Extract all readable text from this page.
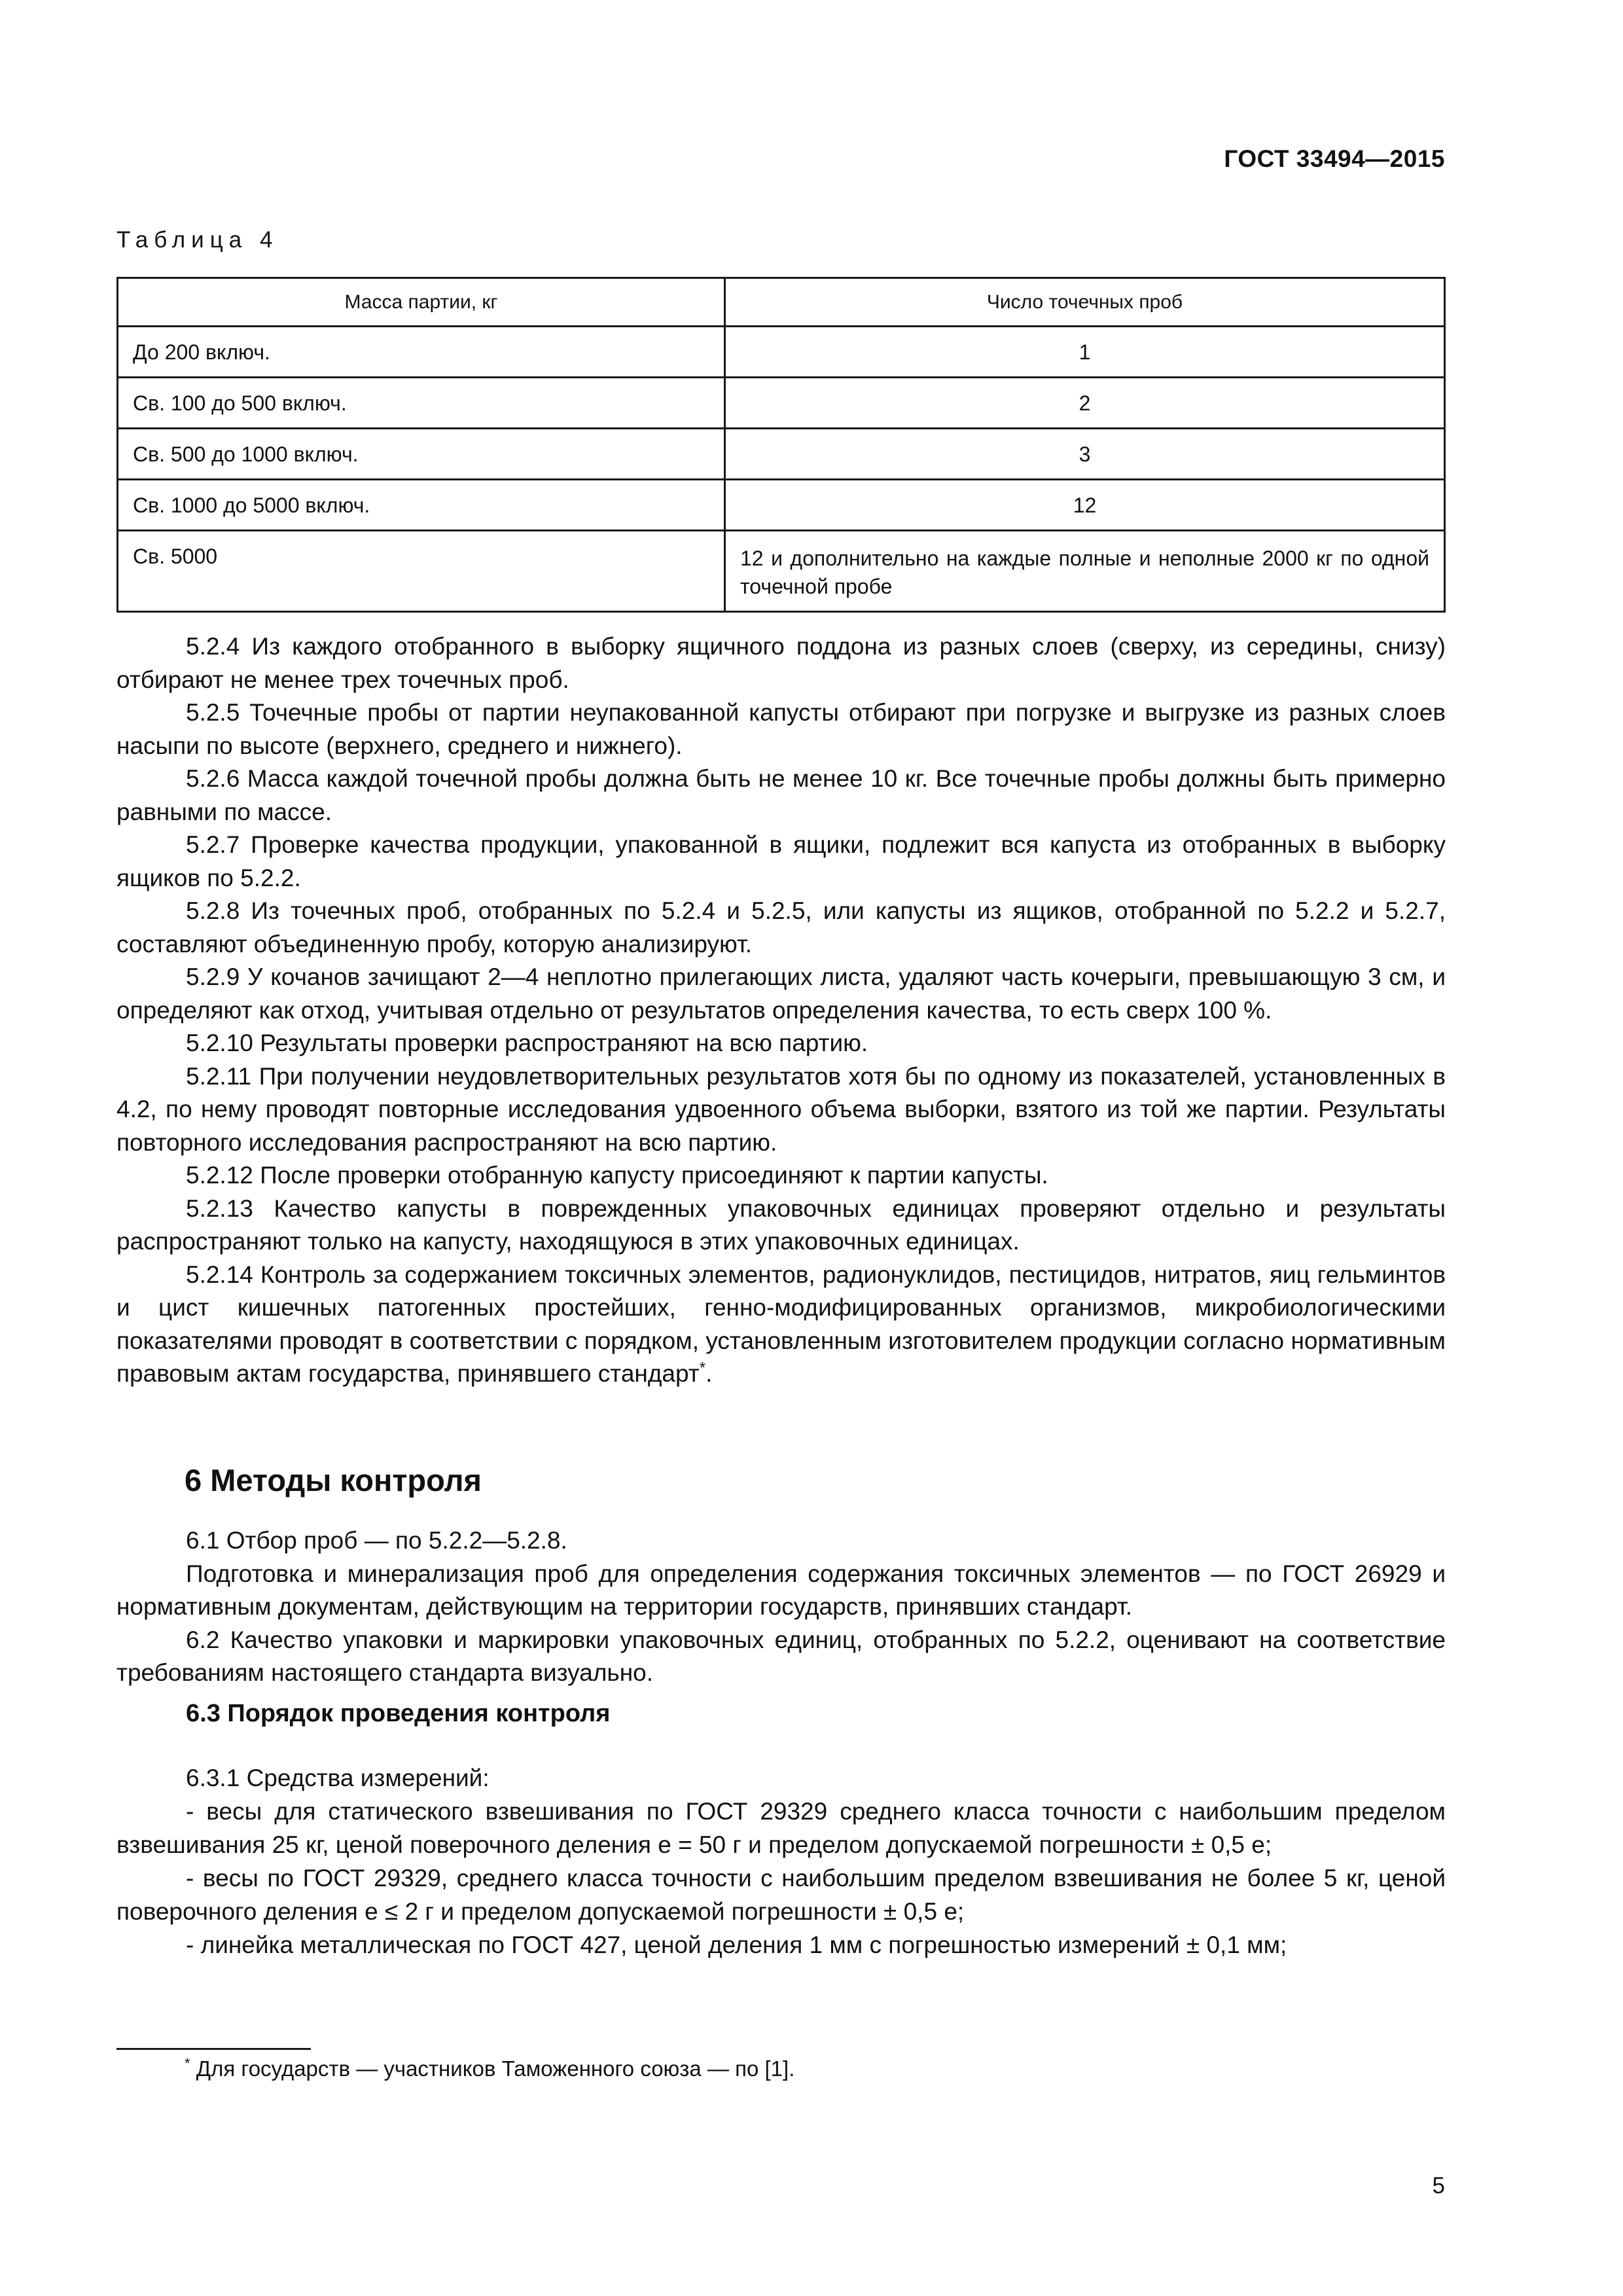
ГОСТ 33494—2015
Таблица 4
Масса партии, кг	Число точечных проб
До 200 включ.	1
Св. 100 до 500 включ.	2
Св. 500 до 1000 включ.	3
Св. 1000 до 5000 включ.	12
Св. 5000	12 и дополнительно на каждые полные и неполные 2000 кг по одной точечной пробе

5.2.4 Из каждого отобранного в выборку ящичного поддона из разных слоев (сверху, из середины, снизу) отбирают не менее трех точечных проб.

5.2.5 Точечные пробы от партии неупакованной капусты отбирают при погрузке и выгрузке из разных слоев насыпи по высоте (верхнего, среднего и нижнего).

5.2.6 Масса каждой точечной пробы должна быть не менее 10 кг. Все точечные пробы должны быть примерно равными по массе.

5.2.7 Проверке качества продукции, упакованной в ящики, подлежит вся капуста из отобранных в выборку ящиков по 5.2.2.

5.2.8 Из точечных проб, отобранных по 5.2.4 и 5.2.5, или капусты из ящиков, отобранной по 5.2.2 и 5.2.7, составляют объединенную пробу, которую анализируют.

5.2.9 У кочанов зачищают 2—4 неплотно прилегающих листа, удаляют часть кочерыги, превышающую 3 см, и определяют как отход, учитывая отдельно от результатов определения качества, то есть сверх 100 %.

5.2.10 Результаты проверки распространяют на всю партию.

5.2.11 При получении неудовлетворительных результатов хотя бы по одному из показателей, установленных в 4.2, по нему проводят повторные исследования удвоенного объема выборки, взятого из той же партии. Результаты повторного исследования распространяют на всю партию.

5.2.12 После проверки отобранную капусту присоединяют к партии капусты.

5.2.13 Качество капусты в поврежденных упаковочных единицах проверяют отдельно и результаты распространяют только на капусту, находящуюся в этих упаковочных единицах.

5.2.14 Контроль за содержанием токсичных элементов, радионуклидов, пестицидов, нитратов, яиц гельминтов и цист кишечных патогенных простейших, генно-модифицированных организмов, микробиологическими показателями проводят в соответствии с порядком, установленным изготовителем продукции согласно нормативным правовым актам государства, принявшего стандарт*.

6 Методы контроля

6.1 Отбор проб — по 5.2.2—5.2.8.

Подготовка и минерализация проб для определения содержания токсичных элементов — по ГОСТ 26929 и нормативным документам, действующим на территории государств, принявших стандарт.

6.2 Качество упаковки и маркировки упаковочных единиц, отобранных по 5.2.2, оценивают на соответствие требованиям настоящего стандарта визуально.

6.3 Порядок проведения контроля

6.3.1 Средства измерений:

- весы для статического взвешивания по ГОСТ 29329 среднего класса точности с наибольшим пределом взвешивания 25 кг, ценой поверочного деления е = 50 г и пределом допускаемой погрешности ± 0,5 е;

- весы по ГОСТ 29329, среднего класса точности с наибольшим пределом взвешивания не более 5 кг, ценой поверочного деления е ≤ 2 г и пределом допускаемой погрешности ± 0,5 е;

- линейка металлическая по ГОСТ 427, ценой деления 1 мм с погрешностью измерений ± 0,1 мм;

* Для государств — участников Таможенного союза — по [1].
5
